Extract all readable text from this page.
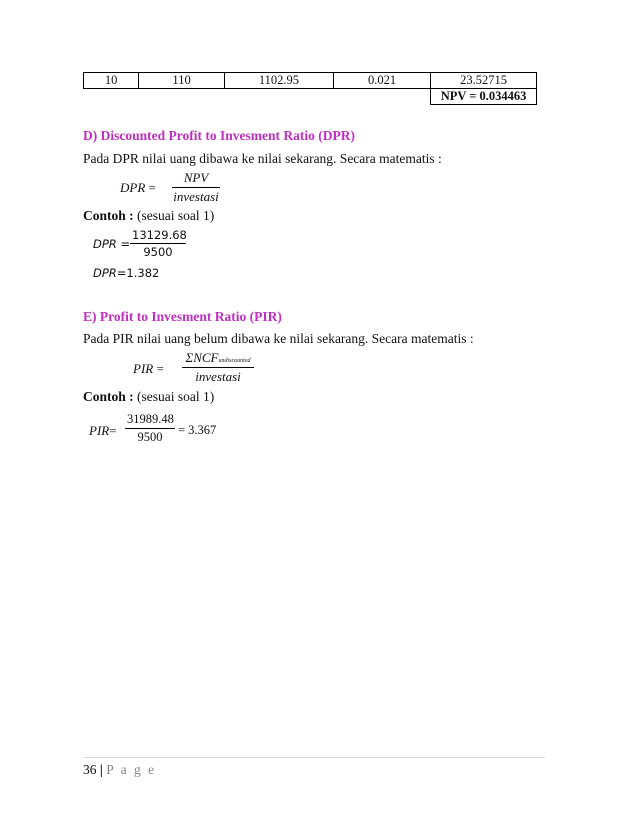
10	110	1102.95	0.021	23.52715
				NPV = 0.034463
D) Discounted Profit to Invesment Ratio (DPR)
Pada DPR nilai uang dibawa ke nilai sekarang. Secara matematis :
DPR =
NPV
investasi
Contoh : (sesuai soal 1)
DPR = $\frac{13129.68}{9500}$
DPR=1.382
E) Profit to Invesment Ratio (PIR)
Pada PIR nilai uang belum dibawa ke nilai sekarang. Secara matematis :
PIR =
ΣNCFundiscounted
investasi
Contoh : (sesuai soal 1)
$PIR= \frac{31989.48}{9500} = 3.367$
36 | P a g e
